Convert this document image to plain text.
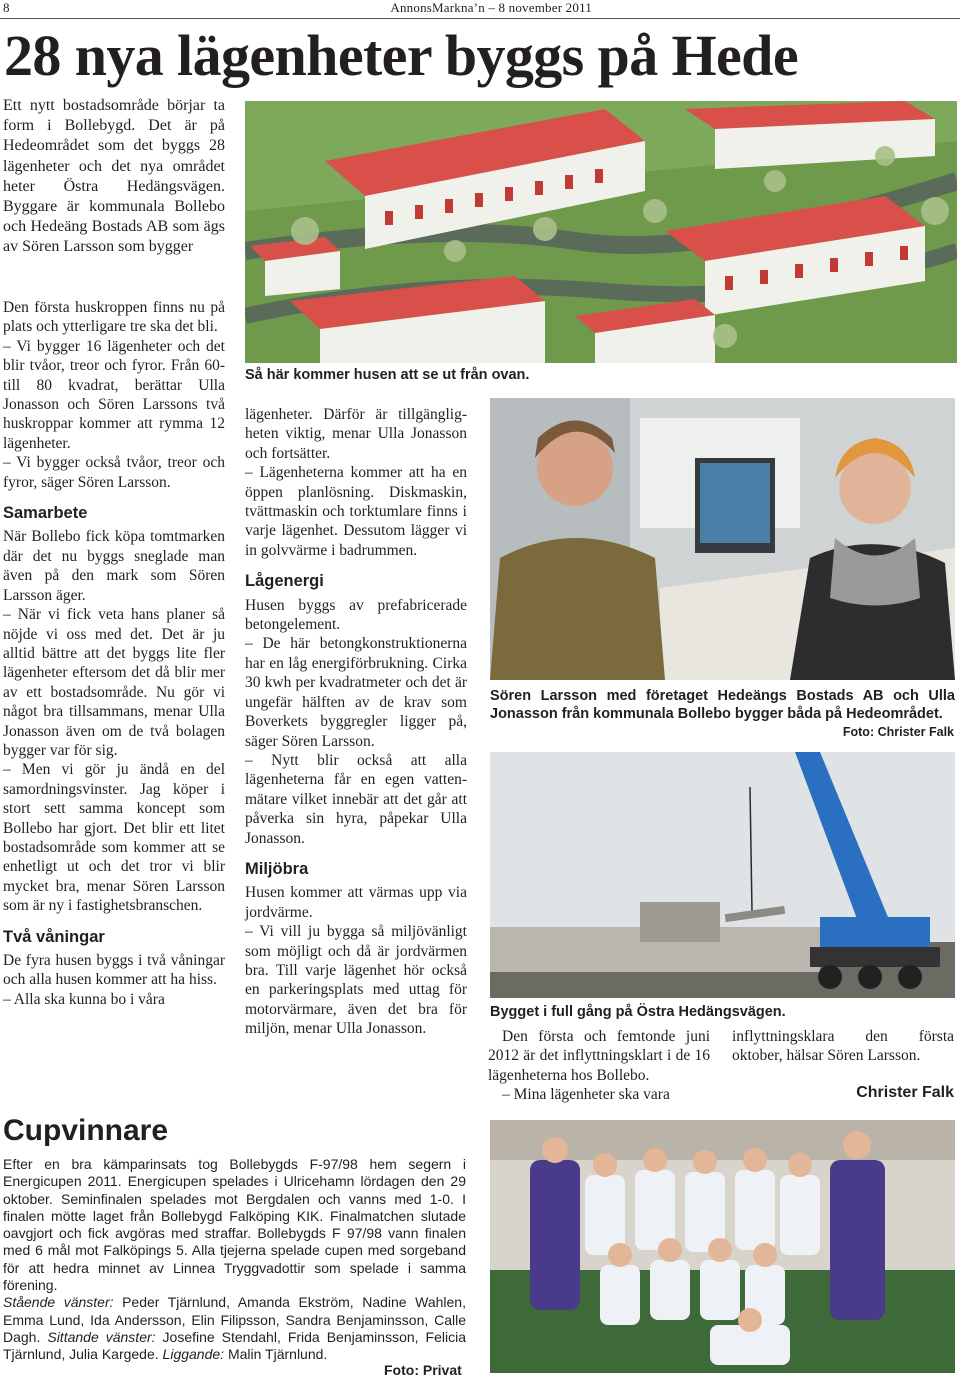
8	AnnonsMarkna’n – 8 november 2011
28 nya lägenheter byggs på Hede
Ett nytt bostadsområde börjar ta form i Bollebygd. Det är på Hedeområdet som det byggs 28 lägenheter och det nya området heter Östra Hedängsvägen. Byggare är kommunala Bollebo och Hedeäng Bostads AB som ägs av Sören Larsson som bygger
Så här kommer husen att se ut från ovan.

Den första huskroppen finns nu på plats och ytterligare tre ska det bli.

– Vi bygger 16 lägenheter och det blir tvåor, treor och fyror. Från 60- till 80 kvadrat, berättar Ulla Jonasson och Sören Larssons två huskroppar kommer att rymma 12 lägenheter.

– Vi bygger också tvåor, treor och fyror, säger Sören Larsson.

Samarbete

När Bollebo fick köpa tomtmarken där det nu byggs sneglade man även på den mark som Sören Larsson äger.

– När vi fick veta hans planer så nöjde vi oss med det. Det är ju alltid bättre att det byggs lite fler lägenheter eftersom det då blir mer av ett bostadsområde. Nu gör vi något bra tillsammans, menar Ulla Jonasson även om de två bolagen bygger var för sig.

– Men vi gör ju ändå en del samordningsvinster. Jag köper i stort sett samma koncept som Bollebo har gjort. Det blir ett litet bostadsområde som kommer att se enhetligt ut och det tror vi blir mycket bra, menar Sören Larsson som är ny i fastighetsbranschen.

Två våningar

De fyra husen byggs i två våningar och alla husen kommer att ha hiss.

– Alla ska kunna bo i våra

lägenheter. Därför är tillgängligheten viktig, menar Ulla Jonasson och fortsätter.

– Lägenheterna kommer att ha en öppen planlösning. Diskmaskin, tvättmaskin och torktumlare finns i varje lägenhet. Dessutom lägger vi in golvvärme i badrummen.

Lågenergi

Husen byggs av prefabricerade betongelement.

– De här betongkonstruktionerna har en låg energiförbrukning. Cirka 30 kwh per kvadratmeter och det är ungefär hälften av de krav som Boverkets byggregler ligger på, säger Sören Larsson.

– Nytt blir också att alla lägenheterna får en egen vattenmätare vilket innebär att det går att påverka sin hyra, påpekar Ulla Jonasson.

Miljöbra

Husen kommer att värmas upp via jordvärme.

– Vi vill ju bygga så miljövänligt som möjligt och då är jordvärmen bra. Till varje lägenhet hör också en parkeringsplats med uttag för motorvärmare, även det bra för miljön, menar Ulla Jonasson.

Sören Larsson med företaget Hedeängs Bostads AB och Ulla Jonasson från kommunala Bollebo bygger båda på Hedeområdet.
Foto: Christer Falk
Bygget i full gång på Östra Hedängsvägen.

Den första och femtonde juni 2012 är det inflyttningsklart i de 16 lägenheterna hos Bollebo.

– Mina lägenheter ska vara

inflyttningsklara den första oktober, hälsar Sören Larsson.

Christer Falk
Cupvinnare
Efter en bra kämparinsats tog Bollebygds F-97/98 hem segern i Energicupen 2011. Energicupen spelades i Ulricehamn lördagen den 29 oktober. Seminfinalen spelades mot Bergdalen och vanns med 1-0. I finalen mötte laget från Bollebygd Falköping KIK. Finalmatchen slutade oavgjort och fick avgöras med straffar. Bollebygds F 97/98 vann finalen med 6 mål mot Falköpings 5. Alla tjejerna spelade cupen med sorgeband för att hedra minnet av Linnea Tryggvadottir som spelade i samma förening.
Stående vänster: Peder Tjärnlund, Amanda Ekström, Nadine Wahlen, Emma Lund, Ida Andersson, Elin Filipsson, Sandra Benjaminsson, Calle Dagh. Sittande vänster: Josefine Stendahl, Frida Benjaminsson, Felicia Tjärnlund, Julia Kargede. Liggande: Malin Tjärnlund.
Foto: Privat
